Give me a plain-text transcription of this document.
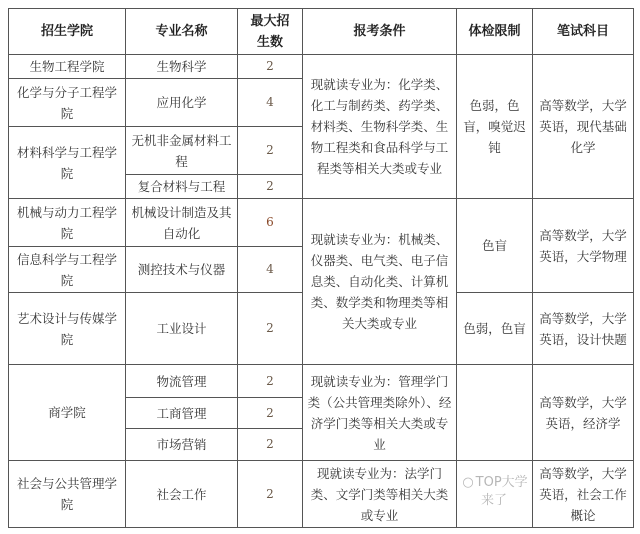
招生学院	专业名称	最大招生数	报考条件	体检限制	笔试科目
生物工程学院	生物科学	2	现就读专业为：化学类、化工与制药类、药学类、材料类、生物科学类、生物工程类和食品科学与工程类等相关大类或专业	色弱，色盲，嗅觉迟钝	高等数学，大学英语，现代基础化学
化学与分子工程学院	应用化学	4			
材料科学与工程学院	无机非金属材料工程	2			
	复合材料与工程	2			
机械与动力工程学院	机械设计制造及其自动化	6	现就读专业为：机械类、仪器类、电气类、电子信息类、自动化类、计算机类、数学类和物理类等相关大类或专业	色盲	高等数学，大学英语，大学物理
信息科学与工程学院	测控技术与仪器	4			
艺术设计与传媒学院	工业设计	2		色弱，色盲	高等数学，大学英语，设计快题
商学院	物流管理	2	现就读专业为：管理学门类（公共管理类除外）、经济学门类等相关大类或专业		高等数学，大学英语，经济学
	工商管理	2			
	市场营销	2			
社会与公共管理学院	社会工作	2	现就读专业为：法学门类、文学门类等相关大类或专业		高等数学，大学英语，社会工作概论
○ TOP大学来了
